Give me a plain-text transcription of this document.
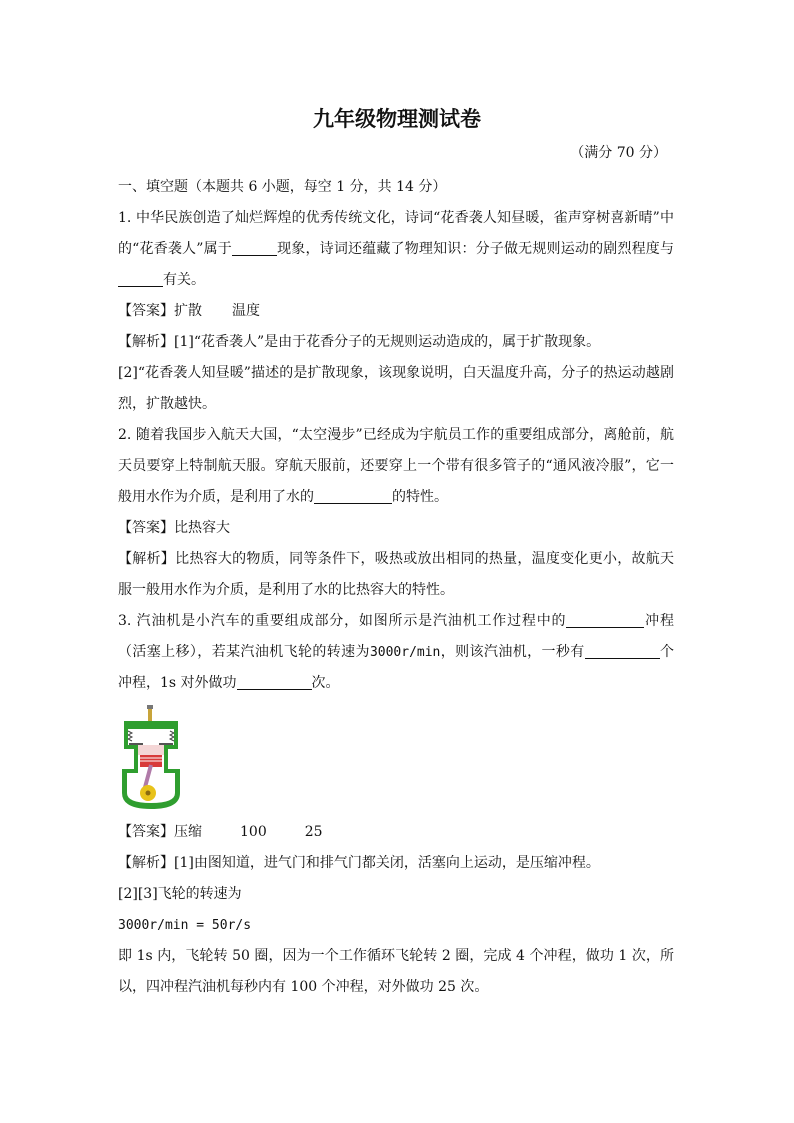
九年级物理测试卷
（满分 70 分）

一、填空题（本题共 6 小题，每空 1 分，共 14 分）

1. 中华民族创造了灿烂辉煌的优秀传统文化，诗词“花香袭人知昼暖，雀声穿树喜新晴”中

的“花香袭人”属于	现象，诗词还蕴藏了物理知识：分子做无规则运动的剧烈程度与

有关。

【答案】扩散 温度

【解析】[1]“花香袭人”是由于花香分子的无规则运动造成的，属于扩散现象。

[2]“花香袭人知昼暖”描述的是扩散现象，该现象说明，白天温度升高，分子的热运动越剧

烈，扩散越快。

2. 随着我国步入航天大国，“太空漫步”已经成为宇航员工作的重要组成部分，离舱前，航

天员要穿上特制航天服。穿航天服前，还要穿上一个带有很多管子的“通风液冷服”，它一

般用水作为介质，是利用了水的	的特性。

【答案】比热容大

【解析】比热容大的物质，同等条件下，吸热或放出相同的热量，温度变化更小，故航天

服一般用水作为介质，是利用了水的比热容大的特性。

3. 汽油机是小汽车的重要组成部分，如图所示是汽油机工作过程中的	冲程

（活塞上移），若某汽油机飞轮的转速为3000r/min，则该汽油机，一秒有	个

冲程，1s 对外做功	次。

【答案】压缩	100	25

【解析】[1]由图知道，进气门和排气门都关闭，活塞向上运动，是压缩冲程。

[2][3]飞轮的转速为

3000r/min = 50r/s

即 1s 内，飞轮转 50 圈，因为一个工作循环飞轮转 2 圈，完成 4 个冲程，做功 1 次，所

以，四冲程汽油机每秒内有 100 个冲程，对外做功 25 次。
